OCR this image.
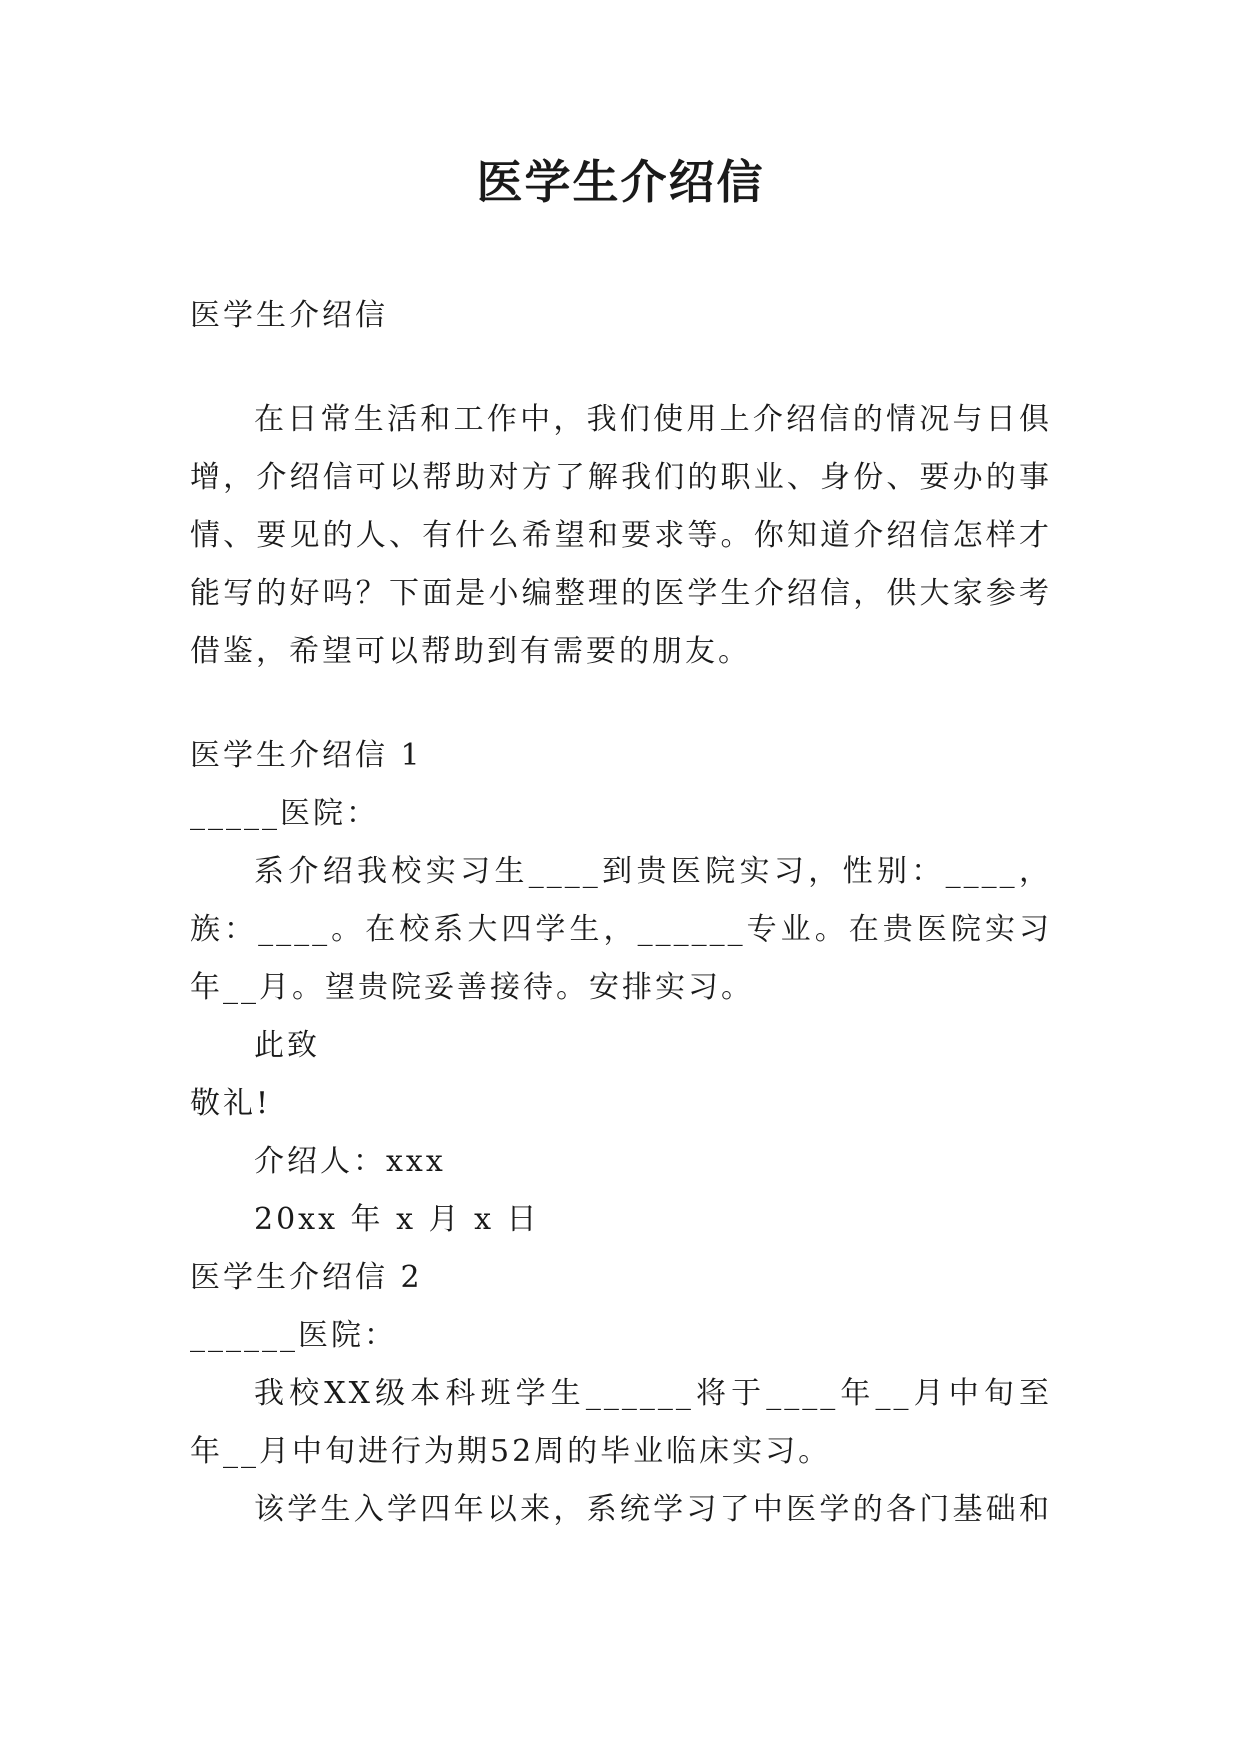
医学生介绍信
医学生介绍信
在日常生活和工作中，我们使用上介绍信的情况与日俱
增，介绍信可以帮助对方了解我们的职业、身份、要办的事
情、要见的人、有什么希望和要求等。你知道介绍信怎样才
能写的好吗？下面是小编整理的医学生介绍信，供大家参考
借鉴，希望可以帮助到有需要的朋友。
医学生介绍信 1
_____医院：
系介绍我校实习生____到贵医院实习，性别：____，
族：____。在校系大四学生，______专业。在贵医院实习
年__月。望贵院妥善接待。安排实习。
此致
敬礼!
介绍人：xxx
20xx 年 x 月 x 日
医学生介绍信 2
______医院：
我校XX级本科班学生______将于____年__月中旬至
年__月中旬进行为期52周的毕业临床实习。
该学生入学四年以来，系统学习了中医学的各门基础和
